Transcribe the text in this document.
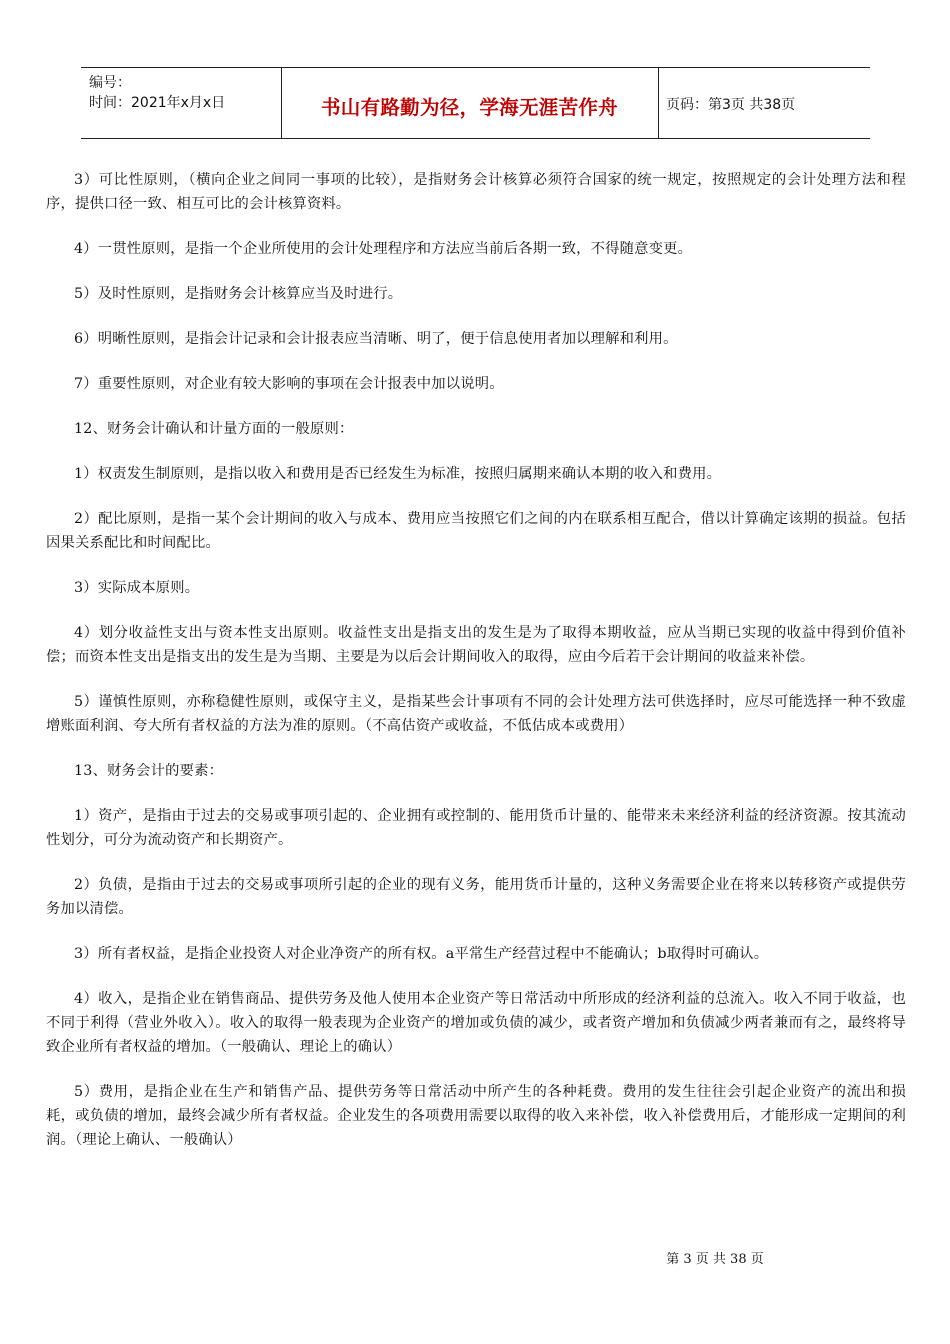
编号：
时间：2021年x月x日	书山有路勤为径，学海无涯苦作舟	页码：第3页 共38页

3）可比性原则，（横向企业之间同一事项的比较），是指财务会计核算必须符合国家的统一规定，按照规定的会计处理方法和程序，提供口径一致、相互可比的会计核算资料。

4）一贯性原则，是指一个企业所使用的会计处理程序和方法应当前后各期一致，不得随意变更。

5）及时性原则，是指财务会计核算应当及时进行。

6）明晰性原则，是指会计记录和会计报表应当清晰、明了，便于信息使用者加以理解和利用。

7）重要性原则，对企业有较大影响的事项在会计报表中加以说明。

12、财务会计确认和计量方面的一般原则：

1）权责发生制原则，是指以收入和费用是否已经发生为标准，按照归属期来确认本期的收入和费用。

2）配比原则，是指一某个会计期间的收入与成本、费用应当按照它们之间的内在联系相互配合，借以计算确定该期的损益。包括因果关系配比和时间配比。

3）实际成本原则。

4）划分收益性支出与资本性支出原则。收益性支出是指支出的发生是为了取得本期收益，应从当期已实现的收益中得到价值补偿；而资本性支出是指支出的发生是为当期、主要是为以后会计期间收入的取得，应由今后若干会计期间的收益来补偿。

5）谨慎性原则，亦称稳健性原则，或保守主义，是指某些会计事项有不同的会计处理方法可供选择时，应尽可能选择一种不致虚增账面利润、夸大所有者权益的方法为准的原则。（不高估资产或收益，不低估成本或费用）

13、财务会计的要素：

1）资产，是指由于过去的交易或事项引起的、企业拥有或控制的、能用货币计量的、能带来未来经济利益的经济资源。按其流动性划分，可分为流动资产和长期资产。

2）负债，是指由于过去的交易或事项所引起的企业的现有义务，能用货币计量的，这种义务需要企业在将来以转移资产或提供劳务加以清偿。

3）所有者权益，是指企业投资人对企业净资产的所有权。a平常生产经营过程中不能确认；b取得时可确认。

4）收入，是指企业在销售商品、提供劳务及他人使用本企业资产等日常活动中所形成的经济利益的总流入。收入不同于收益，也不同于利得（营业外收入）。收入的取得一般表现为企业资产的增加或负债的减少，或者资产增加和负债减少两者兼而有之，最终将导致企业所有者权益的增加。（一般确认、理论上的确认）

5）费用，是指企业在生产和销售产品、提供劳务等日常活动中所产生的各种耗费。费用的发生往往会引起企业资产的流出和损耗，或负债的增加，最终会减少所有者权益。企业发生的各项费用需要以取得的收入来补偿，收入补偿费用后，才能形成一定期间的利润。（理论上确认、一般确认）

第 3 页 共 38 页
